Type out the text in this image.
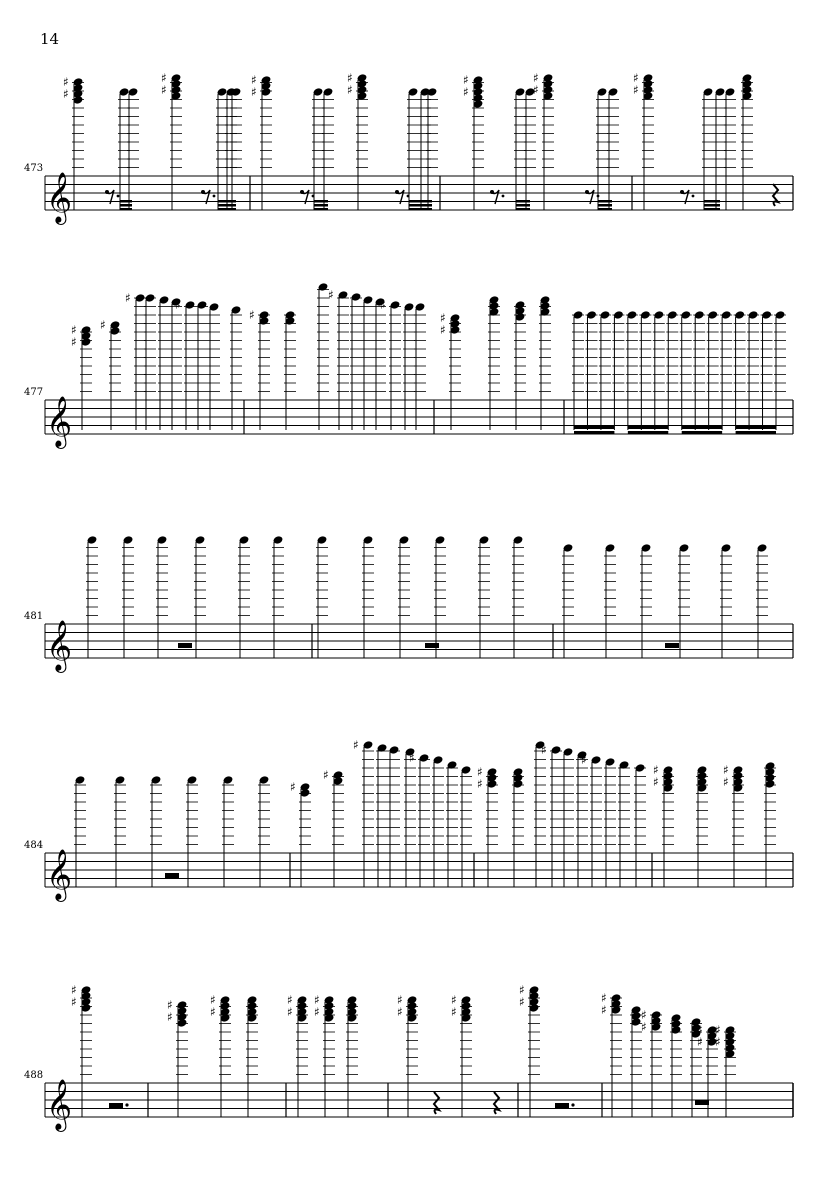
14
𝄞
473
♯
♯
♯
♯
♯
♯
♯
♯
♯
♯
♯
♯
♯
♯
𝄞
477
♯
♯
♯
♯	♯
♯
♯
♯
♯
♯
𝄞
481
𝄞
484
♯
♯
♯
♯
♯
♯
♯
♯
♯
♯
♯
♯
𝄞
488
♯
♯	♯
♯
♯
♯
♯
♯
♯
♯
♯
♯
♯
♯
♯
♯	♯
♯	♯
♯	♯
♯
♯
♯
